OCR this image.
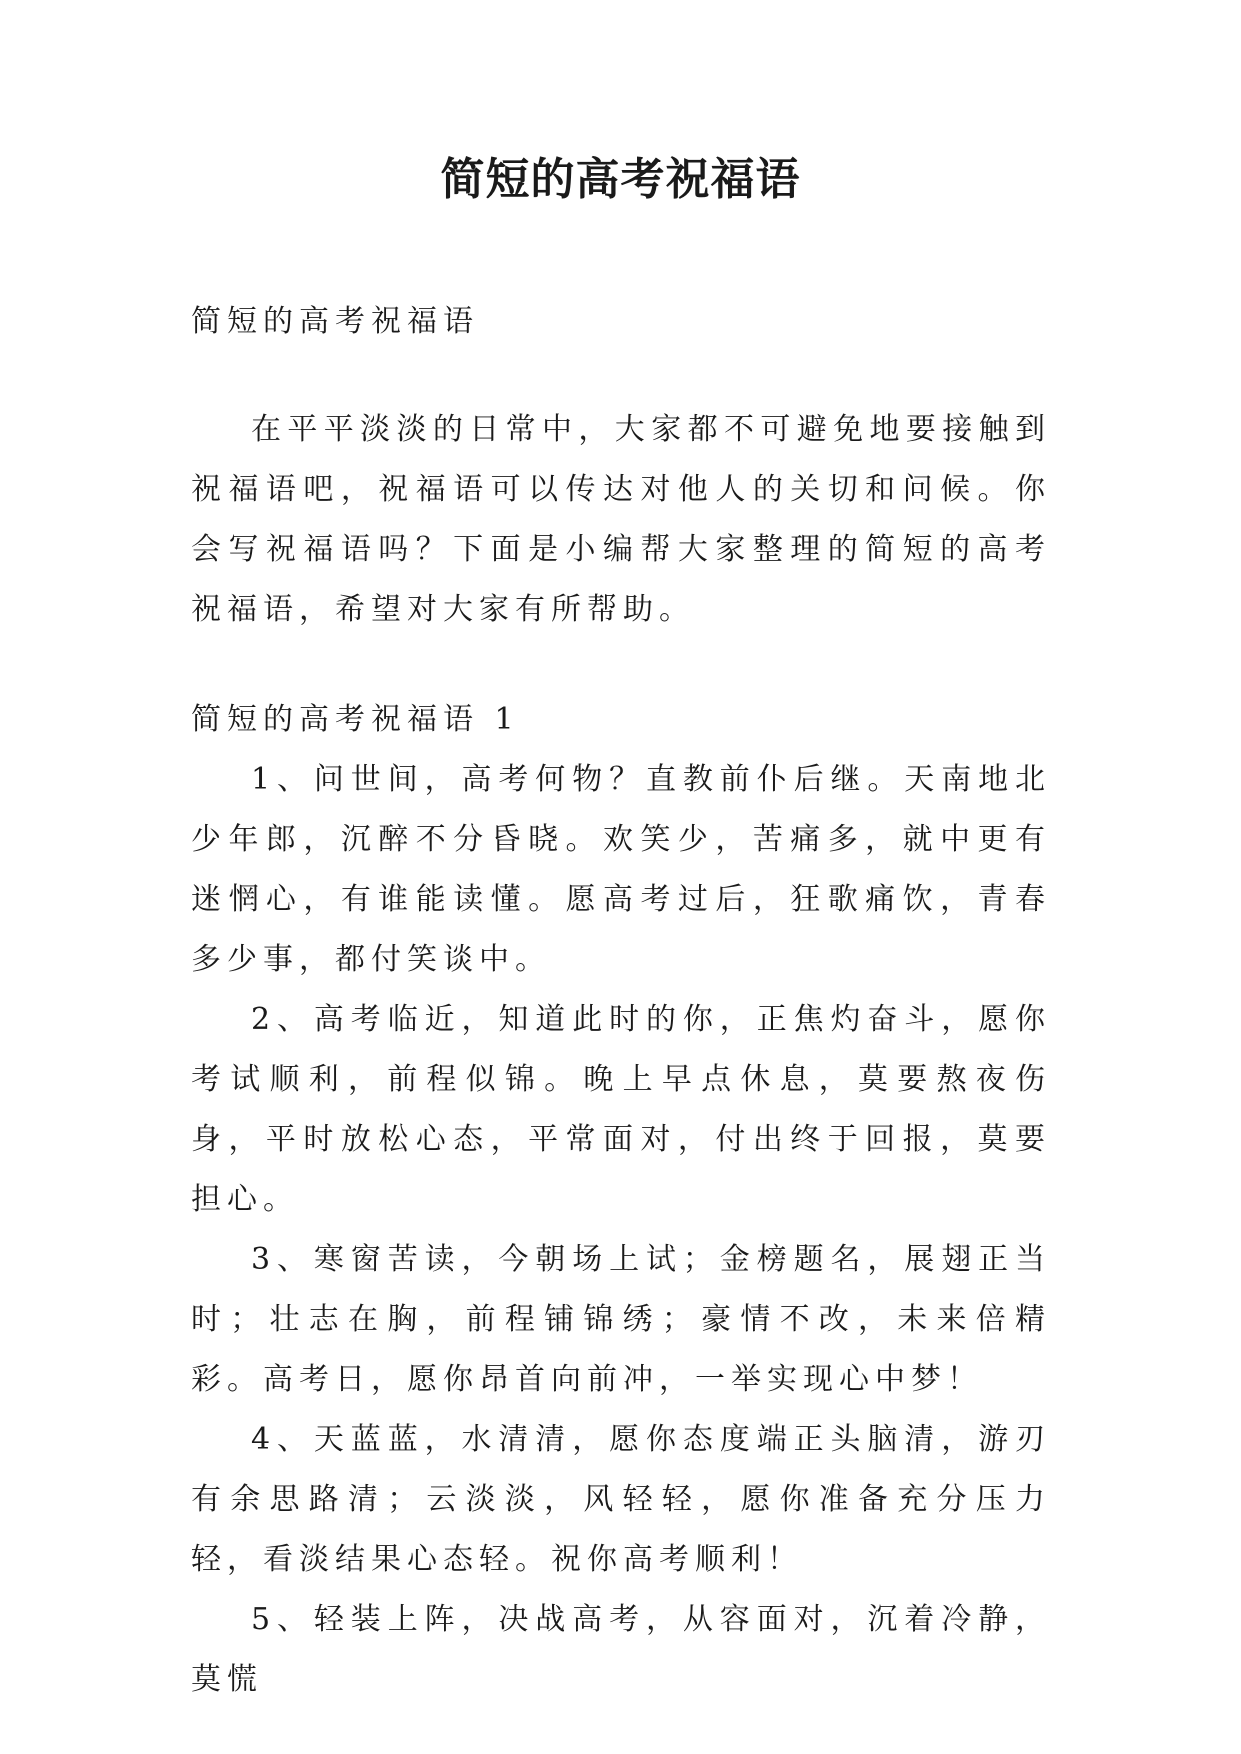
简短的高考祝福语

简短的高考祝福语

在平平淡淡的日常中，大家都不可避免地要接触到祝福语吧，祝福语可以传达对他人的关切和问候。你会写祝福语吗？下面是小编帮大家整理的简短的高考祝福语，希望对大家有所帮助。

简短的高考祝福语 1

1、问世间，高考何物？直教前仆后继。天南地北少年郎，沉醉不分昏晓。欢笑少，苦痛多，就中更有迷惘心，有谁能读懂。愿高考过后，狂歌痛饮，青春多少事，都付笑谈中。

2、高考临近，知道此时的你，正焦灼奋斗，愿你考试顺利，前程似锦。晚上早点休息，莫要熬夜伤身，平时放松心态，平常面对，付出终于回报，莫要担心。

3、寒窗苦读，今朝场上试；金榜题名，展翅正当时；壮志在胸，前程铺锦绣；豪情不改，未来倍精彩。高考日，愿你昂首向前冲，一举实现心中梦！

4、天蓝蓝，水清清，愿你态度端正头脑清，游刃有余思路清；云淡淡，风轻轻，愿你准备充分压力轻，看淡结果心态轻。祝你高考顺利！

5、轻装上阵，决战高考，从容面对，沉着冷静，莫慌
